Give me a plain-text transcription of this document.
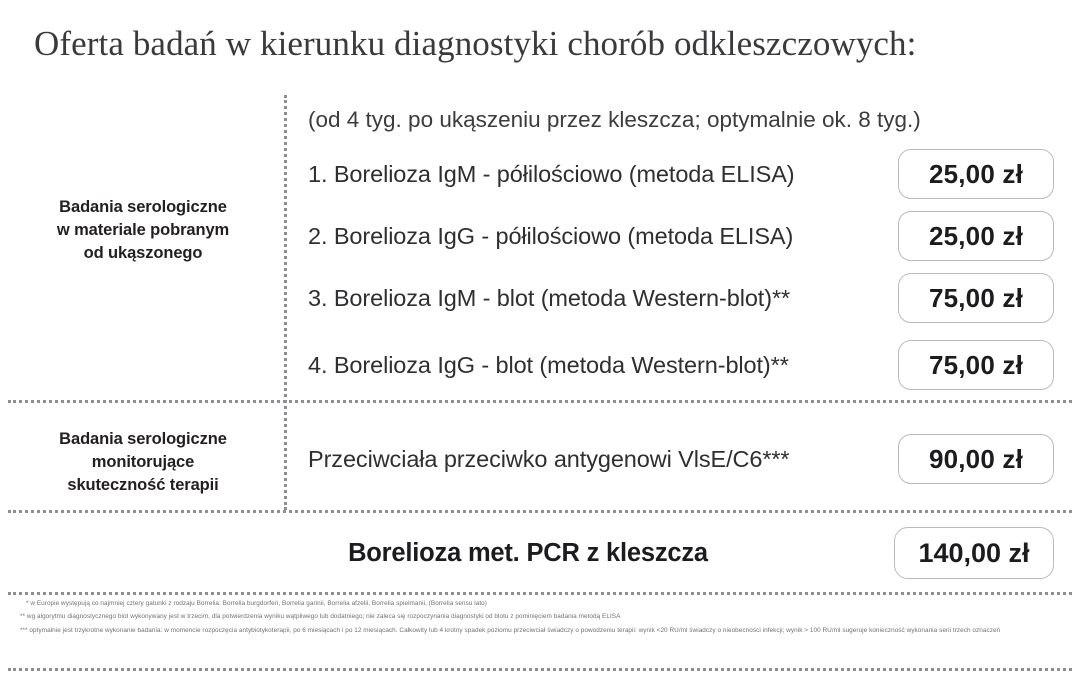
Oferta badań w kierunku diagnostyki chorób odkleszczowych:
Badania serologiczne
w materiale pobranym
od ukąszonego
Badania serologiczne
monitorujące
skuteczność terapii
(od 4 tyg. po ukąszeniu przez kleszcza; optymalnie ok. 8 tyg.)
1. Borelioza IgM - półilościowo (metoda ELISA)	25,00 zł
2. Borelioza IgG - półilościowo (metoda ELISA)	25,00 zł
3. Borelioza IgM - blot (metoda Western-blot)**	75,00 zł
4. Borelioza IgG - blot (metoda Western-blot)**	75,00 zł
Przeciwciała przeciwko antygenowi VlsE/C6***	90,00 zł
Borelioza met. PCR z kleszcza	140,00 zł

* w Europie występują co najmniej cztery gatunki z rodzaju Borrelia: Borrelia burgdorferi, Borrelia garinii, Borrelia afzelii, Borrelia spielmanii, (Borrelia sensu lato)

** wg algorytmu diagnostycznego blot wykonywany jest w trzecim, dla potwierdzenia wyniku wątpliwego lub dodatniego; nie zaleca się rozpoczynania diagnostyki od blotu z pominięciem badania metodą ELISA

*** optymalnie jest trzykrotne wykonanie badania: w momencie rozpoczęcia antybiotykoterapii, po 6 miesiącach i po 12 miesiącach. Całkowity lub 4 krotny spadek poziomu przeciwciał świadczy o powodzeniu terapii: wynik <20 RU/ml świadczy o nieobecności infekcji; wynik > 100 RU/ml sugeruje konieczność wykonania serii trzech oznaczeń
